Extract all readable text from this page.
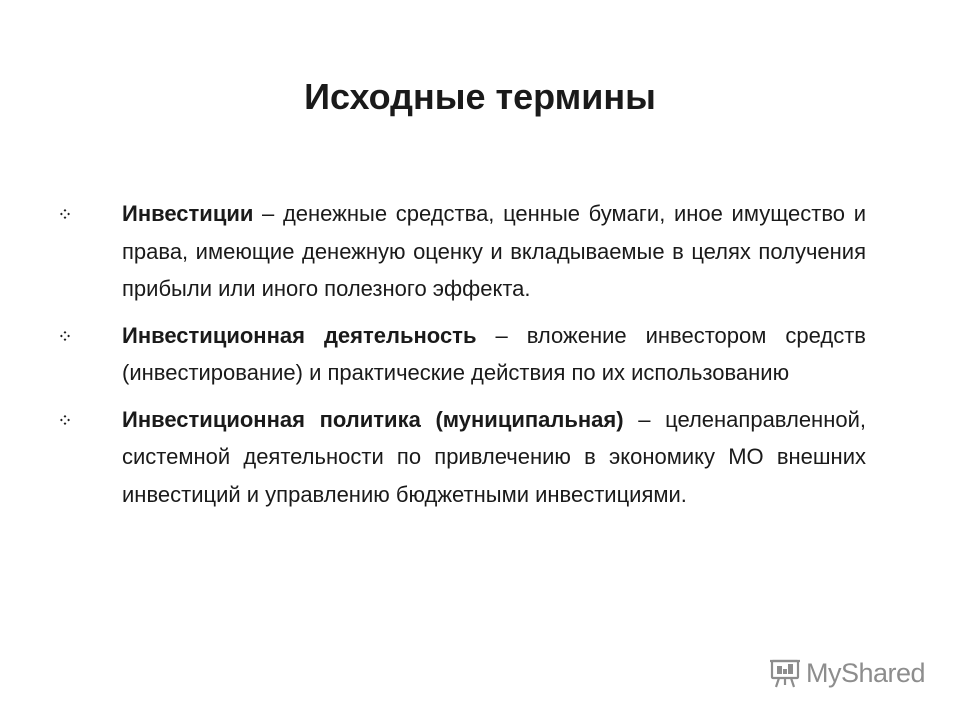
Исходные термины
Инвестиции – денежные средства, ценные бумаги, иное имущество и права, имеющие денежную оценку и вкладываемые в целях получения прибыли или иного полезного эффекта.
Инвестиционная деятельность – вложение инвестором средств (инвестирование) и практические действия по их использованию
Инвестиционная политика (муниципальная) – целенаправленной, системной деятельности по привлечению в экономику МО внешних инвестиций и управлению бюджетными инвестициями.
MyShared
